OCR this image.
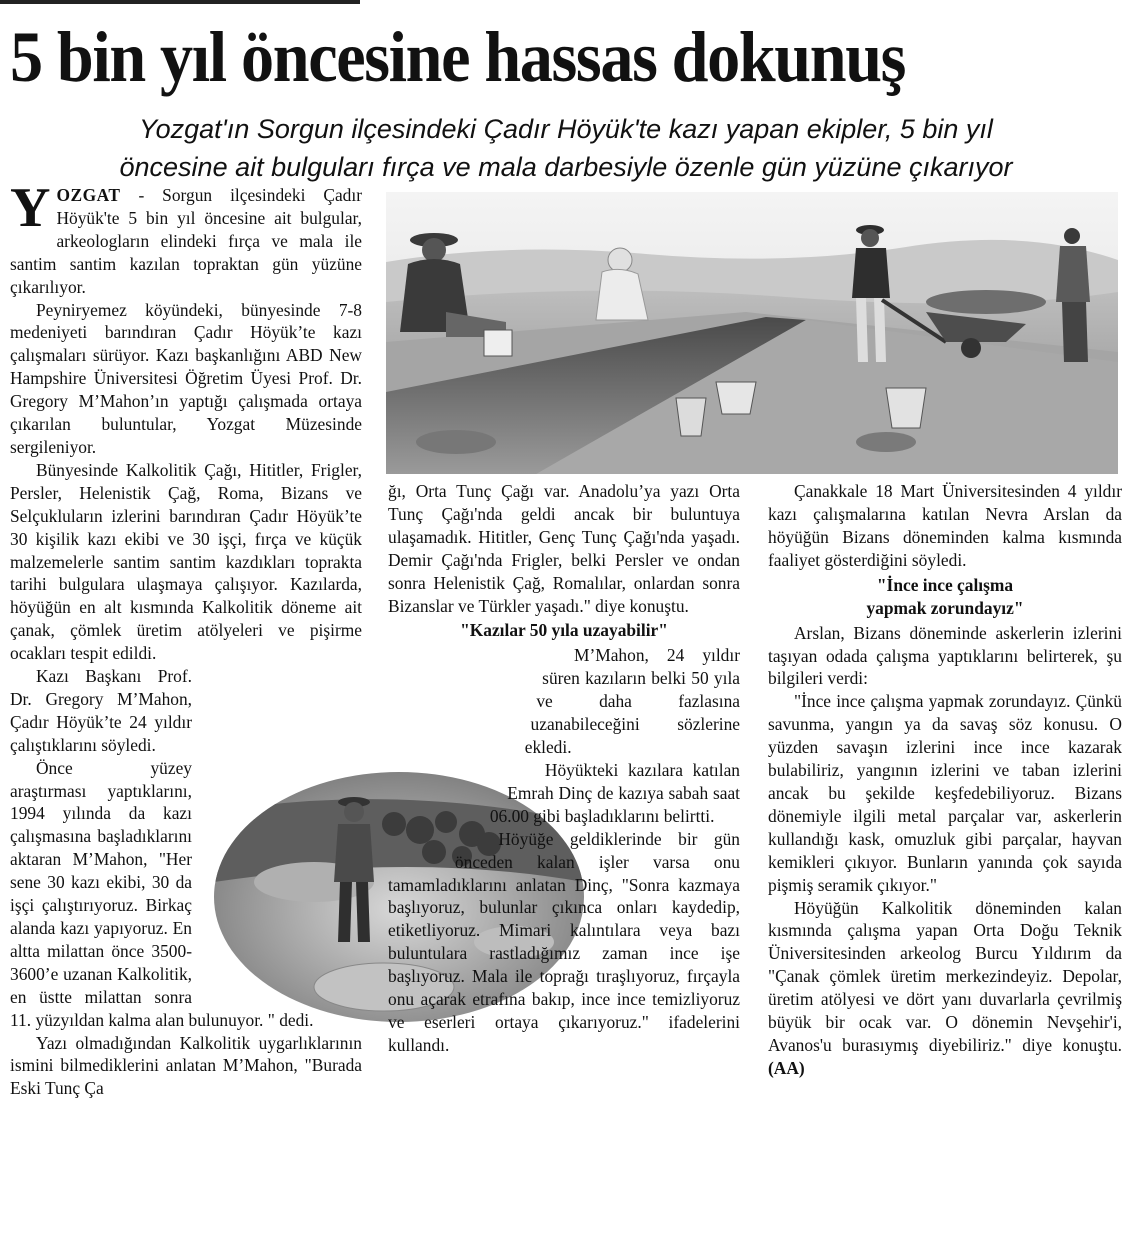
5 bin yıl öncesine hassas dokunuş
Yozgat'ın Sorgun ilçesindeki Çadır Höyük'te kazı yapan ekipler, 5 bin yıl
öncesine ait bulguları fırça ve mala darbesiyle özenle gün yüzüne çıkarıyor

YOZGAT - Sorgun ilçesindeki Çadır Höyük'te 5 bin yıl öncesine ait bulgular, arkeologların elindeki fırça ve mala ile santim santim kazılan topraktan gün yüzüne çıkarılıyor.

Peyniryemez köyündeki, bünyesinde 7-8 medeniyeti barındıran Çadır Höyük’te kazı çalışmaları sürüyor. Kazı başkanlığını ABD New Hampshire Üniversitesi Öğretim Üyesi Prof. Dr. Gregory M’Mahon’ın yaptığı çalışmada ortaya çıkarılan buluntular, Yozgat Müzesinde sergileniyor.

Bünyesinde Kalkolitik Çağı, Hititler, Frigler, Persler, Helenistik Çağ, Roma, Bizans ve Selçukluların izlerini barındıran Çadır Höyük’te 30 kişilik kazı ekibi ve 30 işçi, fırça ve küçük malzemelerle santim santim kazdıkları toprakta tarihi bulgulara ulaşmaya çalışıyor. Kazılarda, höyüğün en alt kısmında Kalkolitik döneme ait çanak, çömlek üretim atölyeleri ve pişirme ocakları tespit edildi.

Kazı Başkanı Prof. Dr. Gregory M’Mahon, Çadır Höyük’te 24 yıldır çalıştıklarını söyledi.

Önce yüzey araştırması yaptıklarını, 1994 yılında da kazı çalışmasına başladıklarını aktaran M’Mahon, "Her sene 30 kazı ekibi, 30 da işçi çalıştırıyoruz. Birkaç alanda kazı yapıyoruz. En altta milattan önce 3500-3600’e uzanan Kalkolitik, en üstte milattan sonra 11. yüzyıldan kalma alan bulunuyor. " dedi.

Yazı olmadığından Kalkolitik uygarlıklarının ismini bilmediklerini anlatan M’Mahon, "Burada Eski Tunç Ça

ğı, Orta Tunç Çağı var. Anadolu’ya yazı Orta Tunç Çağı'nda geldi ancak bir buluntuya ulaşamadık. Hititler, Genç Tunç Çağı'nda yaşadı. Demir Çağı'nda Frigler, belki Persler ve ondan sonra Helenistik Çağ, Romalılar, onlardan sonra Bizanslar ve Türkler yaşadı." diye konuştu.

"Kazılar 50 yıla uzayabilir"

M’Mahon, 24 yıldır süren kazıların belki 50 yıla ve daha fazlasına uzanabileceğini sözlerine ekledi.

Höyükteki kazılara katılan Emrah Dinç de kazıya sabah saat 06.00 gibi başladıklarını belirtti.

Höyüğe geldiklerinde bir gün önceden kalan işler varsa onu tamamladıklarını anlatan Dinç, "Sonra kazmaya başlıyoruz, bulunlar çıkınca onları kaydedip, etiketliyoruz. Mimari kalıntılara veya bazı buluntulara rastladığımız zaman ince işe başlıyoruz. Mala ile toprağı tıraşlıyoruz, fırçayla onu açarak etrafına bakıp, ince ince temizliyoruz ve eserleri ortaya çıkarıyoruz." ifadelerini kullandı.

Çanakkale 18 Mart Üniversitesinden 4 yıldır kazı çalışmalarına katılan Nevra Arslan da höyüğün Bizans döneminden kalma kısmında faaliyet gösterdiğini söyledi.

"İnce ince çalışma
yapmak zorundayız"

Arslan, Bizans döneminde askerlerin izlerini taşıyan odada çalışma yaptıklarını belirterek, şu bilgileri verdi:

"İnce ince çalışma yapmak zorundayız. Çünkü savunma, yangın ya da savaş söz konusu. O yüzden savaşın izlerini ince ince kazarak bulabiliriz, yangının izlerini ve taban izlerini ancak bu şekilde keşfedebiliyoruz. Bizans dönemiyle ilgili metal parçalar var, askerlerin kullandığı kask, omuzluk gibi parçalar, hayvan kemikleri çıkıyor. Bunların yanında çok sayıda pişmiş seramik çıkıyor."

Höyüğün Kalkolitik döneminden kalan kısmında çalışma yapan Orta Doğu Teknik Üniversitesinden arkeolog Burcu Yıldırım da "Çanak çömlek üretim merkezindeyiz. Depolar, üretim atölyesi ve dört yanı duvarlarla çevrilmiş büyük bir ocak var. O dönemin Nevşehir'i, Avanos'u burasıymış diyebiliriz." diye konuştu. (AA)
